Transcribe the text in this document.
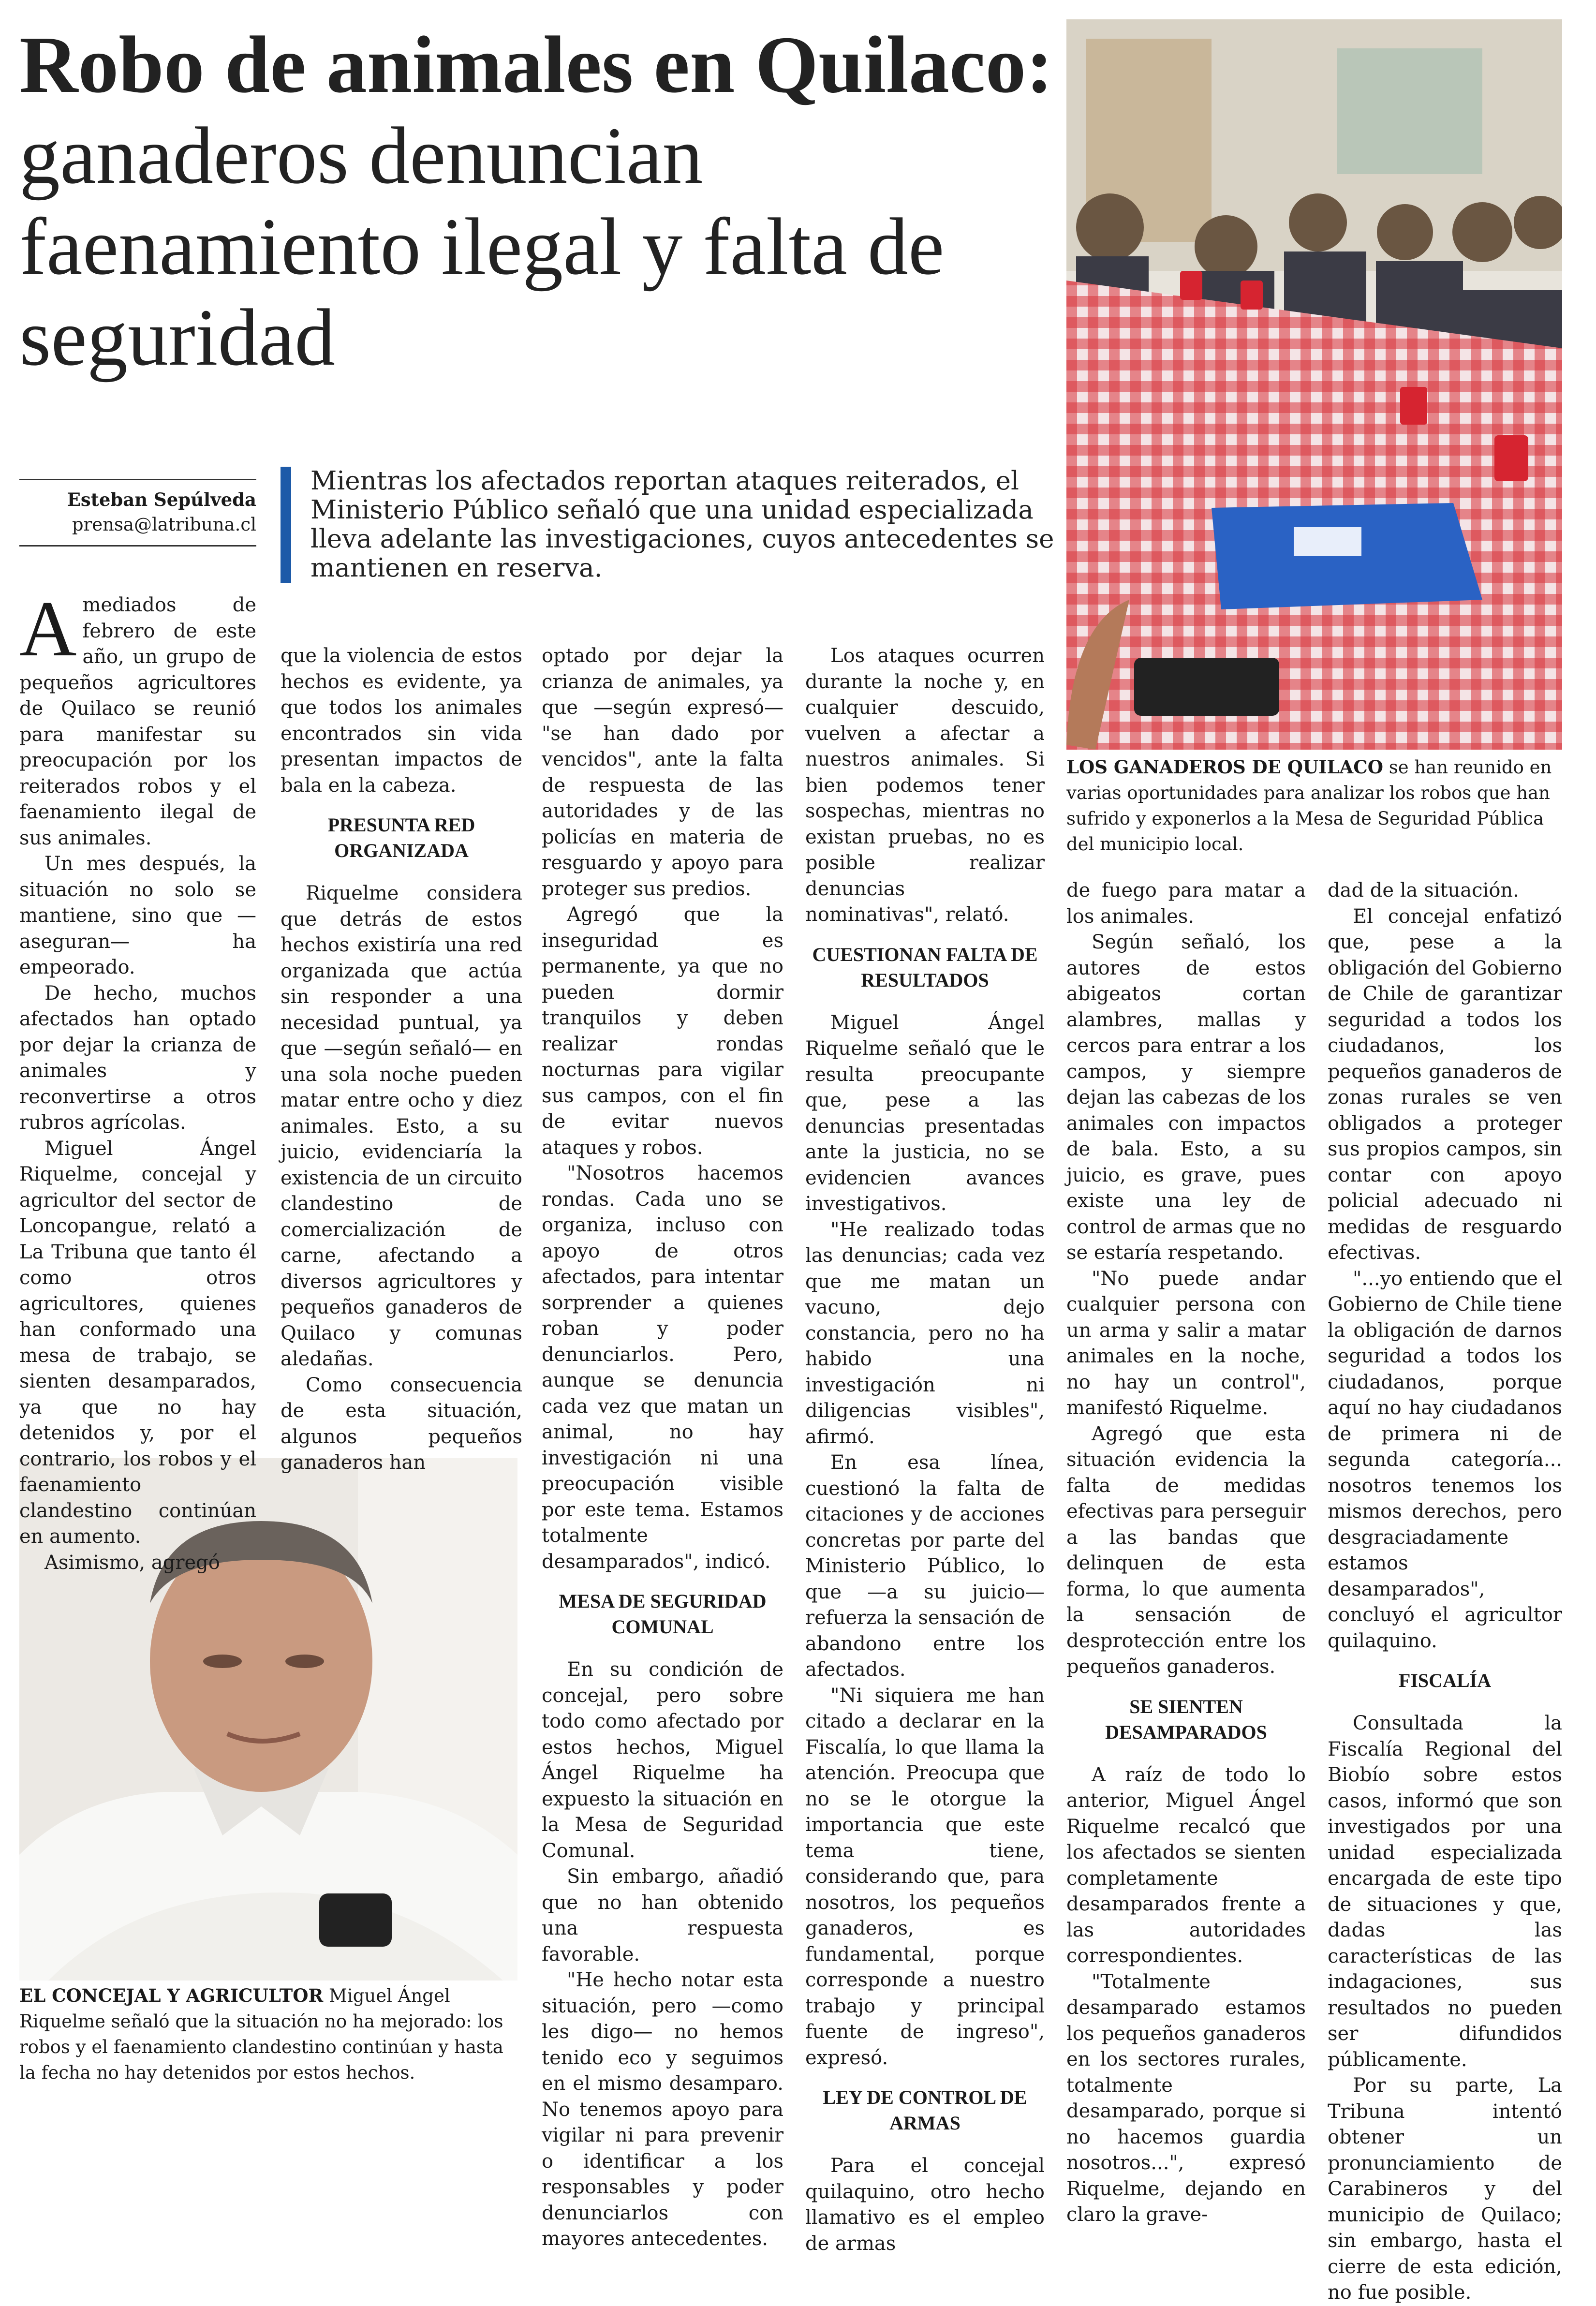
Robo de animales en Quilaco: ganaderos denuncian faenamiento ilegal y falta de seguridad
Esteban Sepúlveda
prensa@latribuna.cl
Mientras los afectados reportan ataques reiterados, el Ministerio Público señaló que una unidad especializada lleva adelante las investigaciones, cuyos antecedentes se mantienen en reserva.
LOS GANADEROS DE QUILACO se han reunido en varias oportunidades para analizar los robos que han sufrido y exponerlos a la Mesa de Seguridad Pública del municipio local.
EL CONCEJAL Y AGRICULTOR Miguel Ángel Riquelme señaló que la situación no ha mejorado: los robos y el faenamiento clandestino continúan y hasta la fecha no hay detenidos por estos hechos.

Amediados de febrero de este año, un grupo de pequeños agricultores de Quilaco se reunió para manifestar su preocupación por los reiterados robos y el faenamiento ilegal de sus animales.

Un mes después, la situación no solo se mantiene, sino que —aseguran— ha empeorado.

De hecho, muchos afectados han optado por dejar la crianza de animales y reconvertirse a otros rubros agrícolas.

Miguel Ángel Riquelme, concejal y agricultor del sector de Loncopangue, relató a La Tribuna que tanto él como otros agricultores, quienes han conformado una mesa de trabajo, se sienten desamparados, ya que no hay detenidos y, por el contrario, los robos y el faenamiento clandestino continúan en aumento.

Asimismo, agregó

que la violencia de estos hechos es evidente, ya que todos los animales encontrados sin vida presentan impactos de bala en la cabeza.

PRESUNTA RED ORGANIZADA

Riquelme considera que detrás de estos hechos existiría una red organizada que actúa sin responder a una necesidad puntual, ya que —según señaló— en una sola noche pueden matar entre ocho y diez animales. Esto, a su juicio, evidenciaría la existencia de un circuito clandestino de comercialización de carne, afectando a diversos agricultores y pequeños ganaderos de Quilaco y comunas aledañas.

Como consecuencia de esta situación, algunos pequeños ganaderos han

optado por dejar la crianza de animales, ya que —según expresó— "se han dado por vencidos", ante la falta de respuesta de las autoridades y de las policías en materia de resguardo y apoyo para proteger sus predios.

Agregó que la inseguridad es permanente, ya que no pueden dormir tranquilos y deben realizar rondas nocturnas para vigilar sus campos, con el fin de evitar nuevos ataques y robos.

"Nosotros hacemos rondas. Cada uno se organiza, incluso con apoyo de otros afectados, para intentar sorprender a quienes roban y poder denunciarlos. Pero, aunque se denuncia cada vez que matan un animal, no hay investigación ni una preocupación visible por este tema. Estamos totalmente desamparados", indicó.

MESA DE SEGURIDAD COMUNAL

En su condición de concejal, pero sobre todo como afectado por estos hechos, Miguel Ángel Riquelme ha expuesto la situación en la Mesa de Seguridad Comunal.

Sin embargo, añadió que no han obtenido una respuesta favorable.

"He hecho notar esta situación, pero —como les digo— no hemos tenido eco y seguimos en el mismo desamparo. No tenemos apoyo para vigilar ni para prevenir o identificar a los responsables y poder denunciarlos con mayores antecedentes.

Los ataques ocurren durante la noche y, en cualquier descuido, vuelven a afectar a nuestros animales. Si bien podemos tener sospechas, mientras no existan pruebas, no es posible realizar denuncias nominativas", relató.

CUESTIONAN FALTA DE RESULTADOS

Miguel Ángel Riquelme señaló que le resulta preocupante que, pese a las denuncias presentadas ante la justicia, no se evidencien avances investigativos.

"He realizado todas las denuncias; cada vez que me matan un vacuno, dejo constancia, pero no ha habido una investigación ni diligencias visibles", afirmó.

En esa línea, cuestionó la falta de citaciones y de acciones concretas por parte del Ministerio Público, lo que —a su juicio— refuerza la sensación de abandono entre los afectados.

"Ni siquiera me han citado a declarar en la Fiscalía, lo que llama la atención. Preocupa que no se le otorgue la importancia que este tema tiene, considerando que, para nosotros, los pequeños ganaderos, es fundamental, porque corresponde a nuestro trabajo y principal fuente de ingreso", expresó.

LEY DE CONTROL DE ARMAS

Para el concejal quilaquino, otro hecho llamativo es el empleo de armas

de fuego para matar a los animales.

Según señaló, los autores de estos abigeatos cortan alambres, mallas y cercos para entrar a los campos, y siempre dejan las cabezas de los animales con impactos de bala. Esto, a su juicio, es grave, pues existe una ley de control de armas que no se estaría respetando.

"No puede andar cualquier persona con un arma y salir a matar animales en la noche, no hay un control", manifestó Riquelme.

Agregó que esta situación evidencia la falta de medidas efectivas para perseguir a las bandas que delinquen de esta forma, lo que aumenta la sensación de desprotección entre los pequeños ganaderos.

SE SIENTEN DESAMPARADOS

A raíz de todo lo anterior, Miguel Ángel Riquelme recalcó que los afectados se sienten completamente desamparados frente a las autoridades correspondientes.

"Totalmente desamparado estamos los pequeños ganaderos en los sectores rurales, totalmente desamparado, porque si no hacemos guardia nosotros...", expresó Riquelme, dejando en claro la grave-

dad de la situación.

El concejal enfatizó que, pese a la obligación del Gobierno de Chile de garantizar seguridad a todos los ciudadanos, los pequeños ganaderos de zonas rurales se ven obligados a proteger sus propios campos, sin contar con apoyo policial adecuado ni medidas de resguardo efectivas.

"...yo entiendo que el Gobierno de Chile tiene la obligación de darnos seguridad a todos los ciudadanos, porque aquí no hay ciudadanos de primera ni de segunda categoría... nosotros tenemos los mismos derechos, pero desgraciadamente estamos desamparados", concluyó el agricultor quilaquino.

FISCALÍA

Consultada la Fiscalía Regional del Biobío sobre estos casos, informó que son investigados por una unidad especializada encargada de este tipo de situaciones y que, dadas las características de las indagaciones, sus resultados no pueden ser difundidos públicamente.

Por su parte, La Tribuna intentó obtener un pronunciamiento de Carabineros y del municipio de Quilaco; sin embargo, hasta el cierre de esta edición, no fue posible.
